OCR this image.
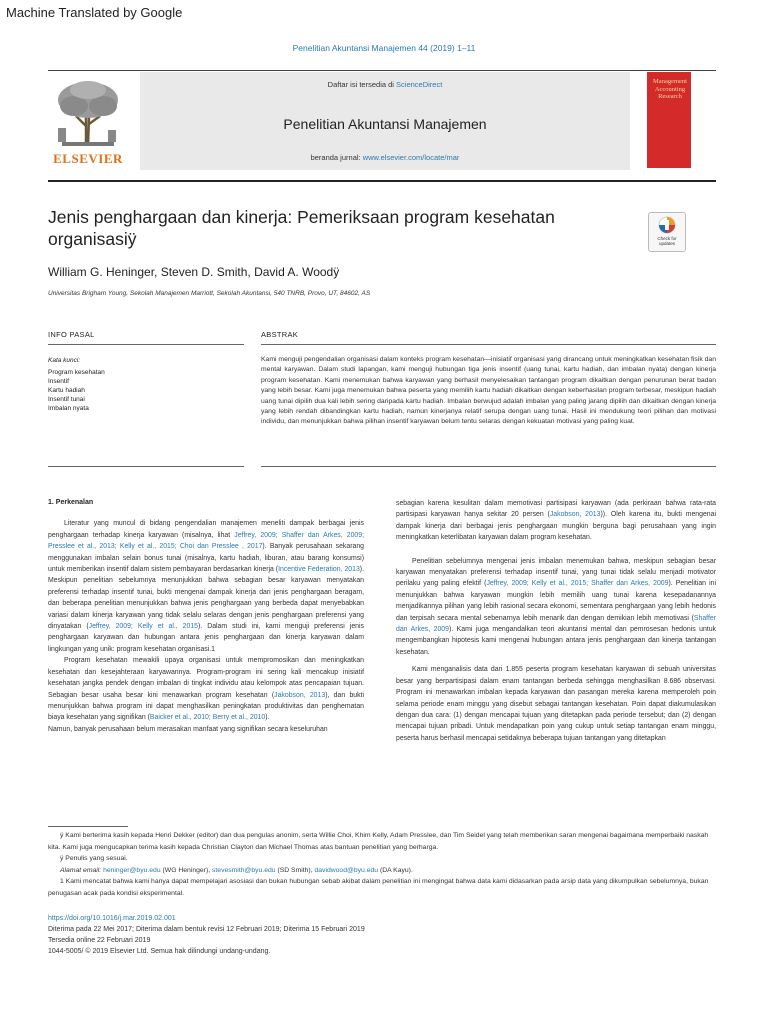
Machine Translated by Google
Penelitian Akuntansi Manajemen 44 (2019) 1–11
ELSEVIER
Daftar isi tersedia di ScienceDirect
Penelitian Akuntansi Manajemen
beranda jurnal: www.elsevier.com/locate/mar
Management Accounting Research
Jenis penghargaan dan kinerja: Pemeriksaan program kesehatan organisasiÿ	Check for updates
William G. Heninger, Steven D. Smith, David A. Woodÿ
Universitas Brigham Young, Sekolah Manajemen Marriott, Sekolah Akuntansi, 540 TNRB, Provo, UT, 84602, AS
INFO PASAL	ABSTRAK
Kata kunci:
Program kesehatan
Insentif
Kartu hadiah
Insentif tunai
Imbalan nyata
Kami menguji pengendalian organisasi dalam konteks program kesehatan—inisiatif organisasi yang dirancang untuk meningkatkan kesehatan fisik dan mental karyawan. Dalam studi lapangan, kami menguji hubungan tiga jenis insentif (uang tunai, kartu hadiah, dan imbalan nyata) dengan kinerja program kesehatan. Kami menemukan bahwa karyawan yang berhasil menyelesaikan tantangan program dikaitkan dengan penurunan berat badan yang lebih besar. Kami juga menemukan bahwa peserta yang memilih kartu hadiah dikaitkan dengan keberhasilan program terbesar, meskipun hadiah uang tunai dipilih dua kali lebih sering daripada kartu hadiah. Imbalan berwujud adalah imbalan yang paling jarang dipilih dan dikaitkan dengan kinerja yang lebih rendah dibandingkan kartu hadiah, namun kinerjanya relatif serupa dengan uang tunai. Hasil ini mendukung teori pilihan dan motivasi individu, dan menunjukkan bahwa pilihan insentif karyawan belum tentu selaras dengan kekuatan motivasi yang paling kuat.

1. Perkenalan

Literatur yang muncul di bidang pengendalian manajemen meneliti dampak berbagai jenis penghargaan terhadap kinerja karyawan (misalnya, lihat Jeffrey, 2009; Shaffer dan Arkes, 2009; Presslee et al., 2013; Kelly et al., 2015; Choi dan Presslee , 2017). Banyak perusahaan sekarang menggunakan imbalan selain bonus tunai (misalnya, kartu hadiah, liburan, atau barang konsumsi) untuk memberikan insentif dalam sistem pembayaran berdasarkan kinerja (Incentive Federation, 2013). Meskipun penelitian sebelumnya menunjukkan bahwa sebagian besar karyawan menyatakan preferensi terhadap insentif tunai, bukti mengenai dampak kinerja dari jenis penghargaan beragam, dan beberapa penelitian menunjukkan bahwa jenis penghargaan yang berbeda dapat menyebabkan variasi dalam kinerja karyawan yang tidak selalu selaras dengan jenis penghargaan preferensi yang dinyatakan (Jeffrey, 2009; Kelly et al., 2015). Dalam studi ini, kami menguji preferensi jenis penghargaan karyawan dan hubungan antara jenis penghargaan dan kinerja karyawan dalam lingkungan yang unik: program kesehatan organisasi.1

Program kesehatan mewakili upaya organisasi untuk mempromosikan dan meningkatkan kesehatan dan kesejahteraan karyawannya. Program-program ini sering kali mencakup inisiatif kesehatan jangka pendek dengan imbalan di tingkat individu atau kelompok atas pencapaian tujuan. Sebagian besar usaha besar kini menawarkan program kesehatan (Jakobson, 2013), dan bukti menunjukkan bahwa program ini dapat menghasilkan peningkatan produktivitas dan penghematan biaya kesehatan yang signifikan (Baicker et al., 2010; Berry et al., 2010).

Namun, banyak perusahaan belum merasakan manfaat yang signifikan secara keseluruhan

sebagian karena kesulitan dalam memotivasi partisipasi karyawan (ada perkiraan bahwa rata-rata partisipasi karyawan hanya sekitar 20 persen (Jakobson, 2013)). Oleh karena itu, bukti mengenai dampak kinerja dari berbagai jenis penghargaan mungkin berguna bagi perusahaan yang ingin meningkatkan keterlibatan karyawan dalam program kesehatan.

Penelitian sebelumnya mengenai jenis imbalan menemukan bahwa, meskipun sebagian besar karyawan menyatakan preferensi terhadap insentif tunai, yang tunai tidak selalu menjadi motivator perilaku yang paling efektif (Jeffrey, 2009; Kelly et al., 2015; Shaffer dan Arkes, 2009). Penelitian ini menunjukkan bahwa karyawan mungkin lebih memilih uang tunai karena kesepadanannya menjadikannya pilihan yang lebih rasional secara ekonomi, sementara penghargaan yang lebih hedonis dan terpisah secara mental sebenarnya lebih menarik dan dengan demikian lebih memotivasi (Shaffer dan Arkes, 2009). Kami juga mengandalkan teori akuntansi mental dan pemrosesan hedonis untuk mengembangkan hipotesis kami mengenai hubungan antara jenis penghargaan dan kinerja tantangan kesehatan.

Kami menganalisis data dari 1.855 peserta program kesehatan karyawan di sebuah universitas besar yang berpartisipasi dalam enam tantangan berbeda sehingga menghasilkan 8.686 observasi. Program ini menawarkan imbalan kepada karyawan dan pasangan mereka karena memperoleh poin selama periode enam minggu yang disebut sebagai tantangan kesehatan. Poin dapat diakumulasikan dengan dua cara: (1) dengan mencapai tujuan yang ditetapkan pada periode tersebut; dan (2) dengan mencapai tujuan pribadi. Untuk mendapatkan poin yang cukup untuk setiap tantangan enam minggu, peserta harus berhasil mencapai setidaknya beberapa tujuan tantangan yang ditetapkan

ÿ Kami berterima kasih kepada Henri Dekker (editor) dan dua pengulas anonim, serta Willie Choi, Khim Kelly, Adam Presslee, dan Tim Seidel yang telah memberikan saran mengenai bagaimana memperbaiki naskah kita. Kami juga mengucapkan terima kasih kepada Christian Clayton dan Michael Thomas atas bantuan penelitian yang berharga.

ÿ Penulis yang sesuai.

Alamat email: heninger@byu.edu (WG Heninger), stevesmith@byu.edu (SD Smith), davidwood@byu.edu (DA Kayu).

1 Kami mencatat bahwa kami hanya dapat mempelajari asosiasi dan bukan hubungan sebab akibat dalam penelitian ini mengingat bahwa data kami didasarkan pada arsip data yang dikumpulkan sebelumnya, bukan penugasan acak pada kondisi eksperimental.

https://doi.org/10.1016/j.mar.2019.02.001

Diterima pada 22 Mei 2017; Diterima dalam bentuk revisi 12 Februari 2019; Diterima 15 Februari 2019

Tersedia online 22 Februari 2019

1044-5005/ © 2019 Elsevier Ltd. Semua hak dilindungi undang-undang.
